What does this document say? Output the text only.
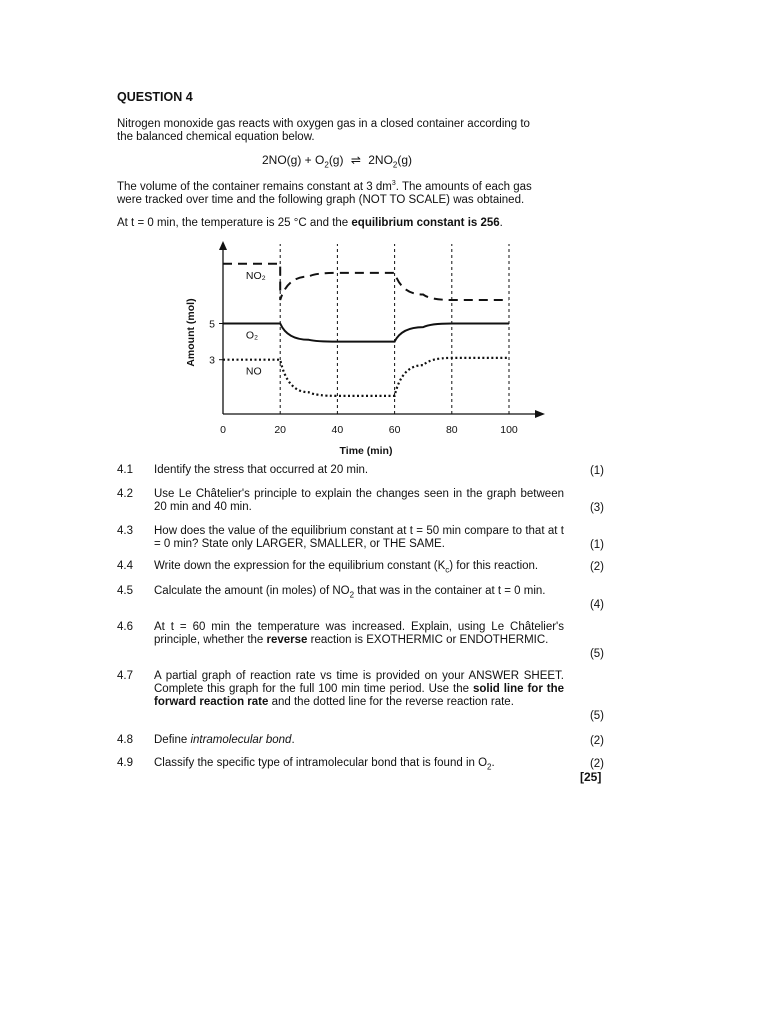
QUESTION 4
Nitrogen monoxide gas reacts with oxygen gas in a closed container according to
the balanced chemical equation below.
$2NO(g) + O_2(g)$ ⇌ $2NO_2(g)$
The volume of the container remains constant at 3 $dm^3$. The amounts of each gas
were tracked over time and the following graph (NOT TO SCALE) was obtained.
At t = 0 min, the temperature is 25 °C and the equilibrium constant is 256.
0	20	40	60	80	100
5
3
Time (min)
Amount (mol)
NO₂
O₂
NO
4.1 Identify the stress that occurred at 20 min.	(1)
4.2 Use Le Châtelier's principle to explain the changes seen in the graph between 20 min and 40 min.	(3)
4.3 How does the value of the equilibrium constant at t = 50 min compare to that at t = 0 min? State only LARGER, SMALLER, or THE SAME.	(1)
4.4 Write down the expression for the equilibrium constant $(K_c)$ for this reaction.	(2)
4.5 Calculate the amount (in moles) of $NO_2$ that was in the container at t = 0 min.
(4)
4.6 At t = 60 min the temperature was increased. Explain, using Le Châtelier's principle, whether the reverse reaction is EXOTHERMIC or ENDOTHERMIC.
(5)
4.7 A partial graph of reaction rate vs time is provided on your ANSWER SHEET. Complete this graph for the full 100 min time period. Use the solid line for the forward reaction rate and the dotted line for the reverse reaction rate.
(5)
4.8 Define intramolecular bond.	(2)
4.9 Classify the specific type of intramolecular bond that is found in $O_2$.	(2)
[25]
